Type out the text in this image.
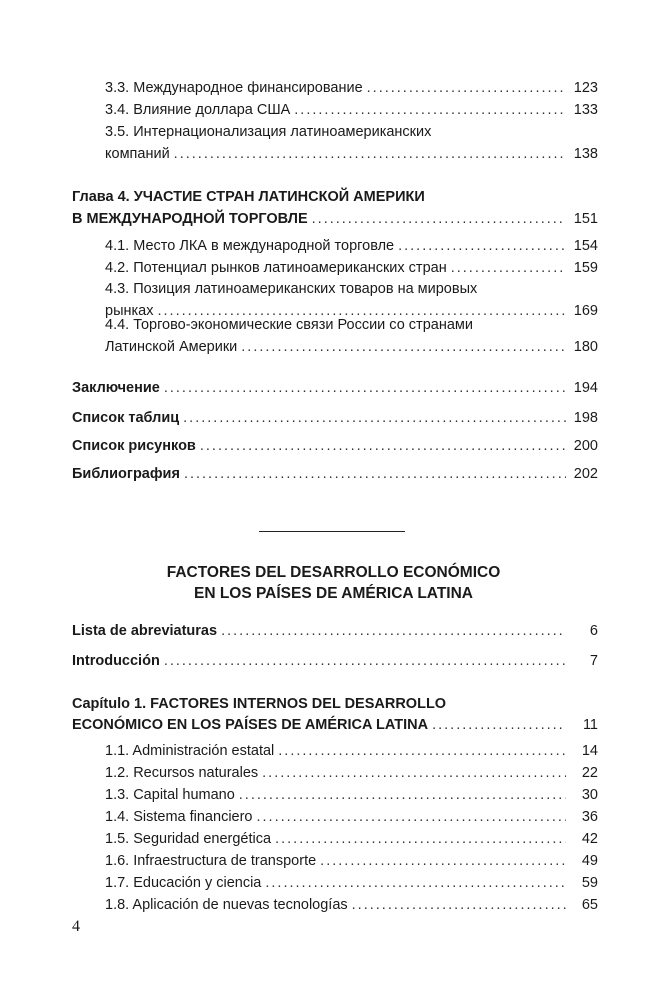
3.3. Международное финансирование .....	123
3.4. Влияние доллара США .....	133
3.5. Интернационализация латиноамериканских
компаний .....	138
Глава 4. УЧАСТИЕ СТРАН ЛАТИНСКОЙ АМЕРИКИ
В МЕЖДУНАРОДНОЙ ТОРГОВЛЕ .....	151
4.1. Место ЛКА в международной торговле .....	154
4.2. Потенциал рынков латиноамериканских стран .....	159
4.3. Позиция латиноамериканских товаров на мировых
рынках .....	169
4.4. Торгово-экономические связи России со странами
Латинской Америки .....	180
Заключение .....	194
Список таблиц .....	198
Список рисунков .....	200
Библиография .....	202
FACTORES DEL DESARROLLO ECONÓMICO
EN LOS PAÍSES DE AMÉRICA LATINA
Lista de abreviaturas .....	6
Introducción .....	7
Capítulo 1. FACTORES INTERNOS DEL DESARROLLO
ECONÓMICO EN LOS PAÍSES DE AMÉRICA LATINA .....	11
1.1. Administración estatal .....	14
1.2. Recursos naturales .....	22
1.3. Capital humano .....	30
1.4. Sistema financiero .....	36
1.5. Seguridad energética .....	42
1.6. Infraestructura de transporte .....	49
1.7. Educación y ciencia .....	59
1.8. Aplicación de nuevas tecnologías .....	65
4
